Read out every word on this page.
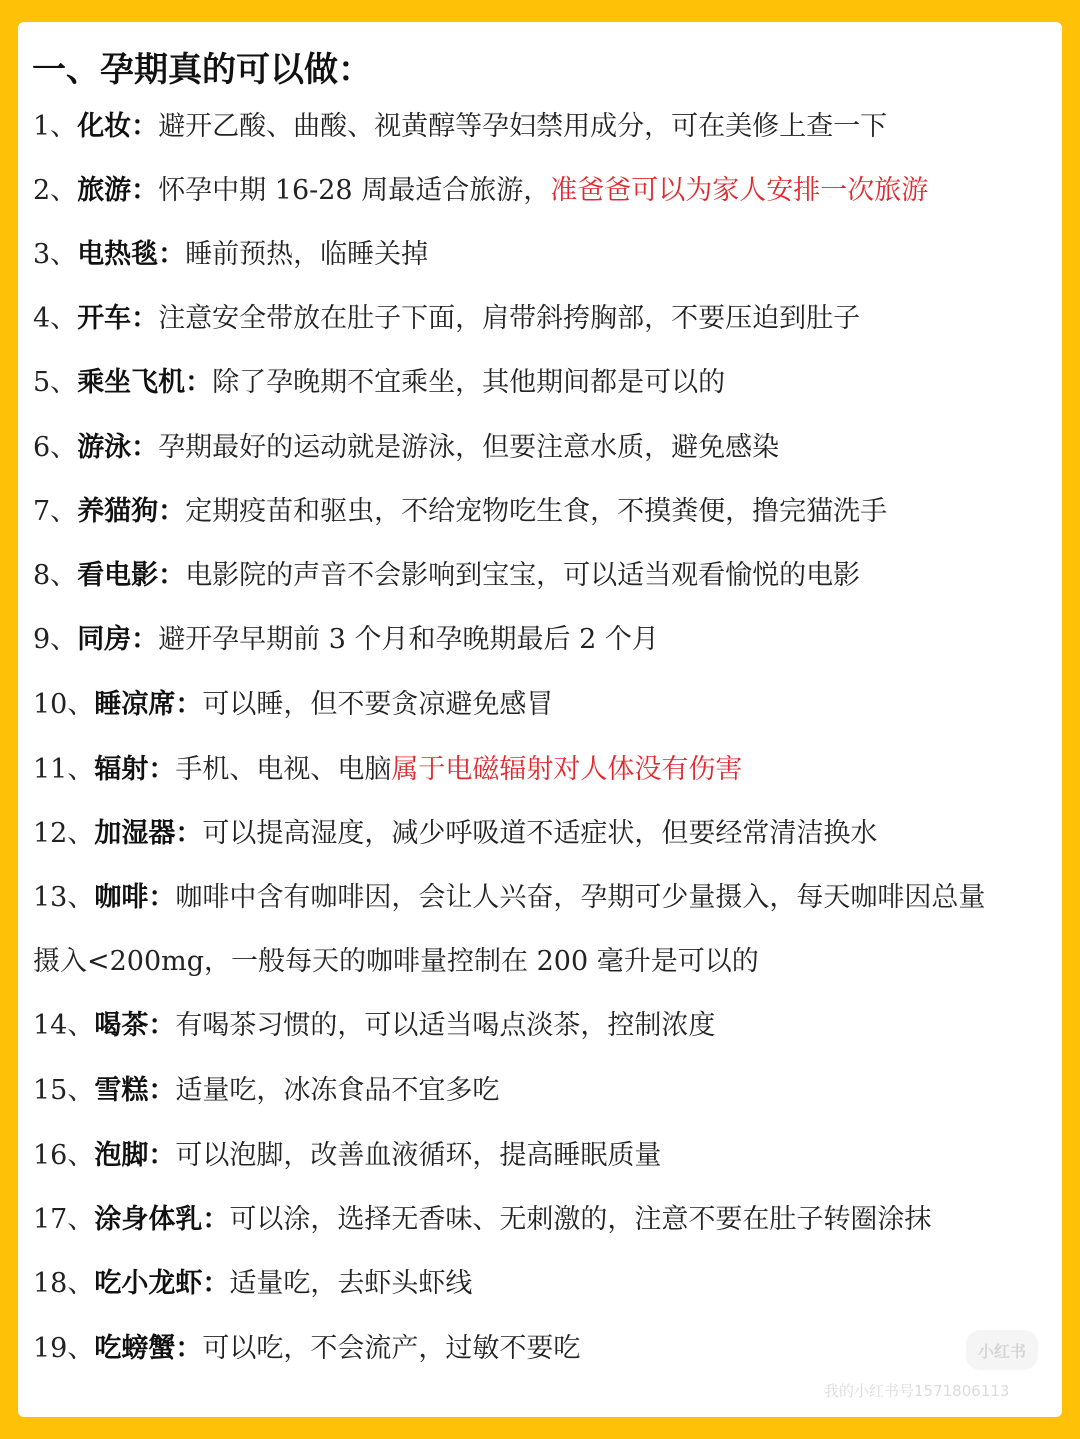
一、孕期真的可以做：
1、化妆：避开乙酸、曲酸、视黄醇等孕妇禁用成分，可在美修上查一下
2、旅游：怀孕中期 16-28 周最适合旅游，准爸爸可以为家人安排一次旅游
3、电热毯：睡前预热，临睡关掉
4、开车：注意安全带放在肚子下面，肩带斜挎胸部，不要压迫到肚子
5、乘坐飞机：除了孕晚期不宜乘坐，其他期间都是可以的
6、游泳：孕期最好的运动就是游泳，但要注意水质，避免感染
7、养猫狗：定期疫苗和驱虫，不给宠物吃生食，不摸粪便，撸完猫洗手
8、看电影：电影院的声音不会影响到宝宝，可以适当观看愉悦的电影
9、同房：避开孕早期前 3 个月和孕晚期最后 2 个月
10、睡凉席：可以睡，但不要贪凉避免感冒
11、辐射：手机、电视、电脑属于电磁辐射对人体没有伤害
12、加湿器：可以提高湿度，减少呼吸道不适症状，但要经常清洁换水
13、咖啡：咖啡中含有咖啡因，会让人兴奋，孕期可少量摄入，每天咖啡因总量
摄入<200mg，一般每天的咖啡量控制在 200 毫升是可以的
14、喝茶：有喝茶习惯的，可以适当喝点淡茶，控制浓度
15、雪糕：适量吃，冰冻食品不宜多吃
16、泡脚：可以泡脚，改善血液循环，提高睡眠质量
17、涂身体乳：可以涂，选择无香味、无刺激的，注意不要在肚子转圈涂抹
18、吃小龙虾：适量吃，去虾头虾线
19、吃螃蟹：可以吃，不会流产，过敏不要吃	小红书
我的小红书号1571806113
